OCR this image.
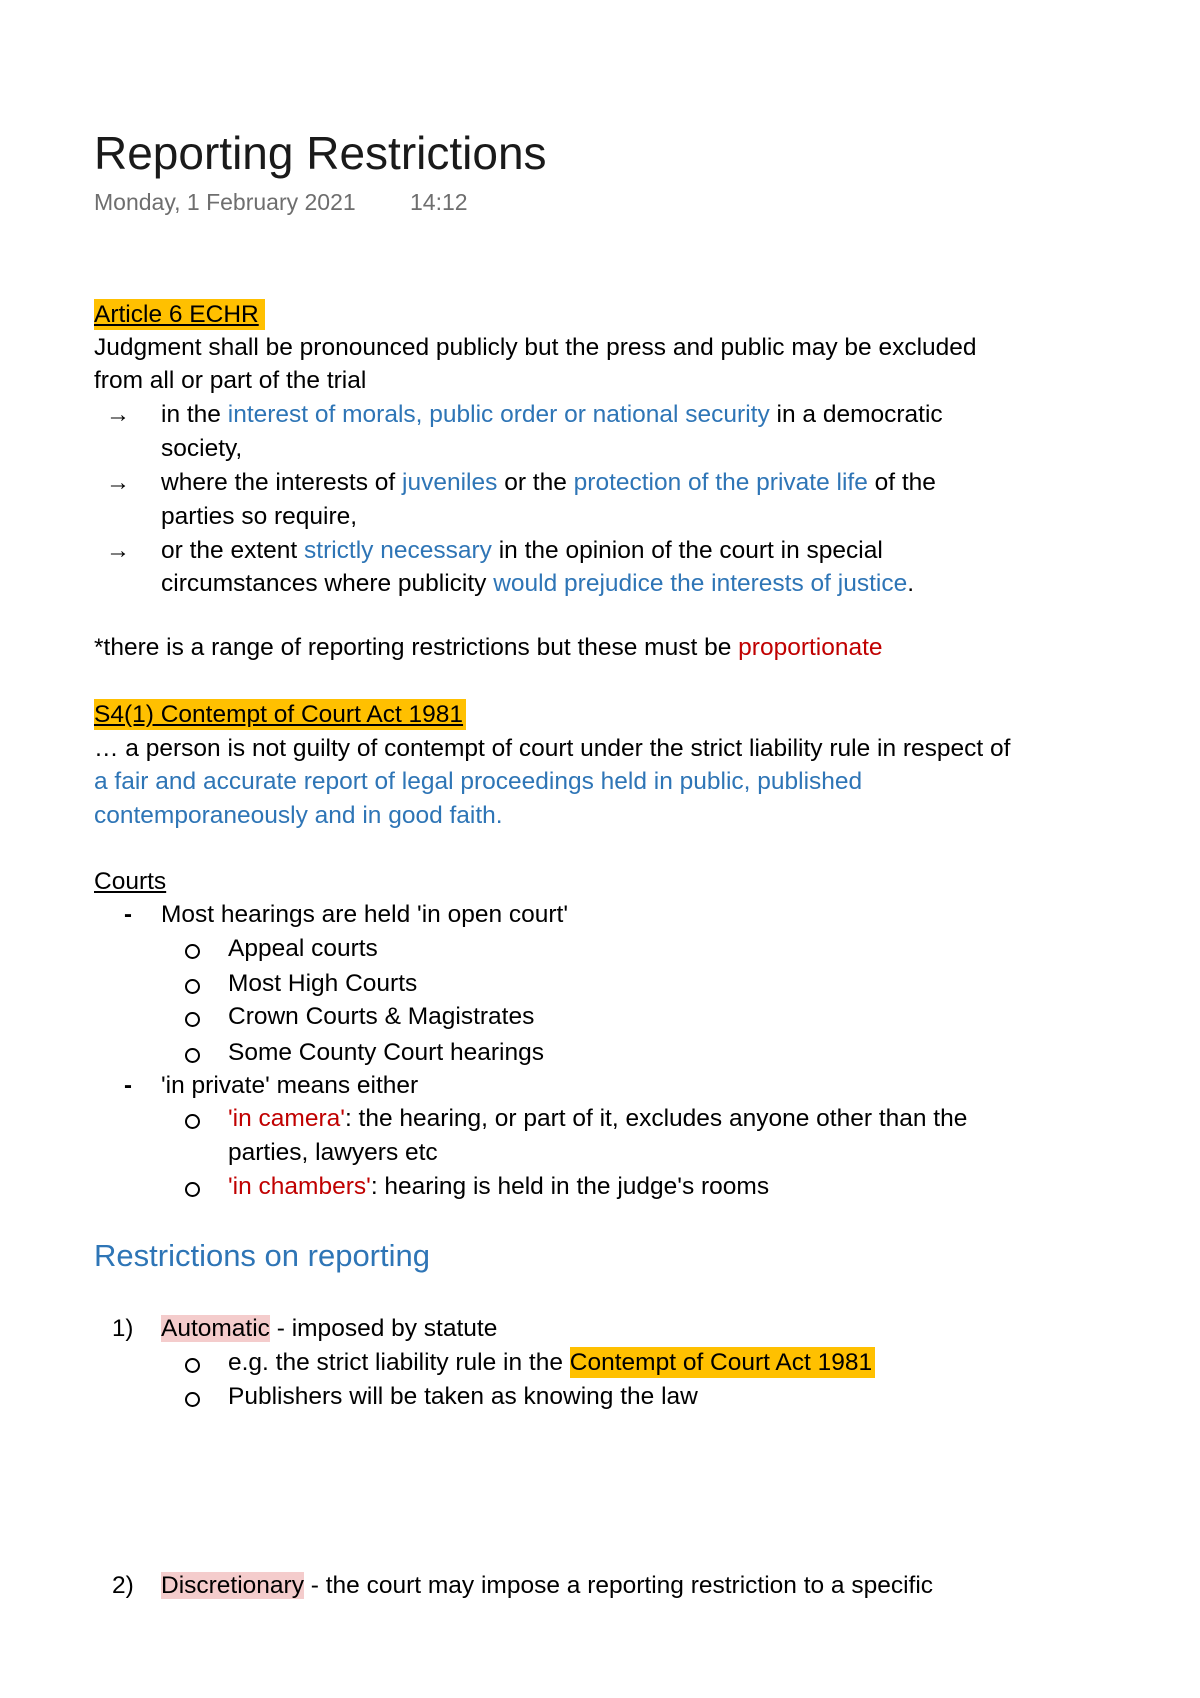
Reporting Restrictions
Monday, 1 February 2021 14:12
Article 6 ECHR
Judgment shall be pronounced publicly but the press and public may be excluded
from all or part of the trial
→ in the interest of morals, public order or national security in a democratic
society,
→ where the interests of juveniles or the protection of the private life of the
parties so require,
→ or the extent strictly necessary in the opinion of the court in special
circumstances where publicity would prejudice the interests of justice.
*there is a range of reporting restrictions but these must be proportionate
S4(1) Contempt of Court Act 1981
… a person is not guilty of contempt of court under the strict liability rule in respect of
a fair and accurate report of legal proceedings held in public, published
contemporaneously and in good faith.
Courts
- Most hearings are held 'in open court'
Appeal courts
Most High Courts
Crown Courts & Magistrates
Some County Court hearings
- 'in private' means either
'in camera': the hearing, or part of it, excludes anyone other than the
parties, lawyers etc
'in chambers': hearing is held in the judge's rooms
Restrictions on reporting
1) Automatic - imposed by statute
e.g. the strict liability rule in the Contempt of Court Act 1981
Publishers will be taken as knowing the law
2) Discretionary - the court may impose a reporting restriction to a specific
